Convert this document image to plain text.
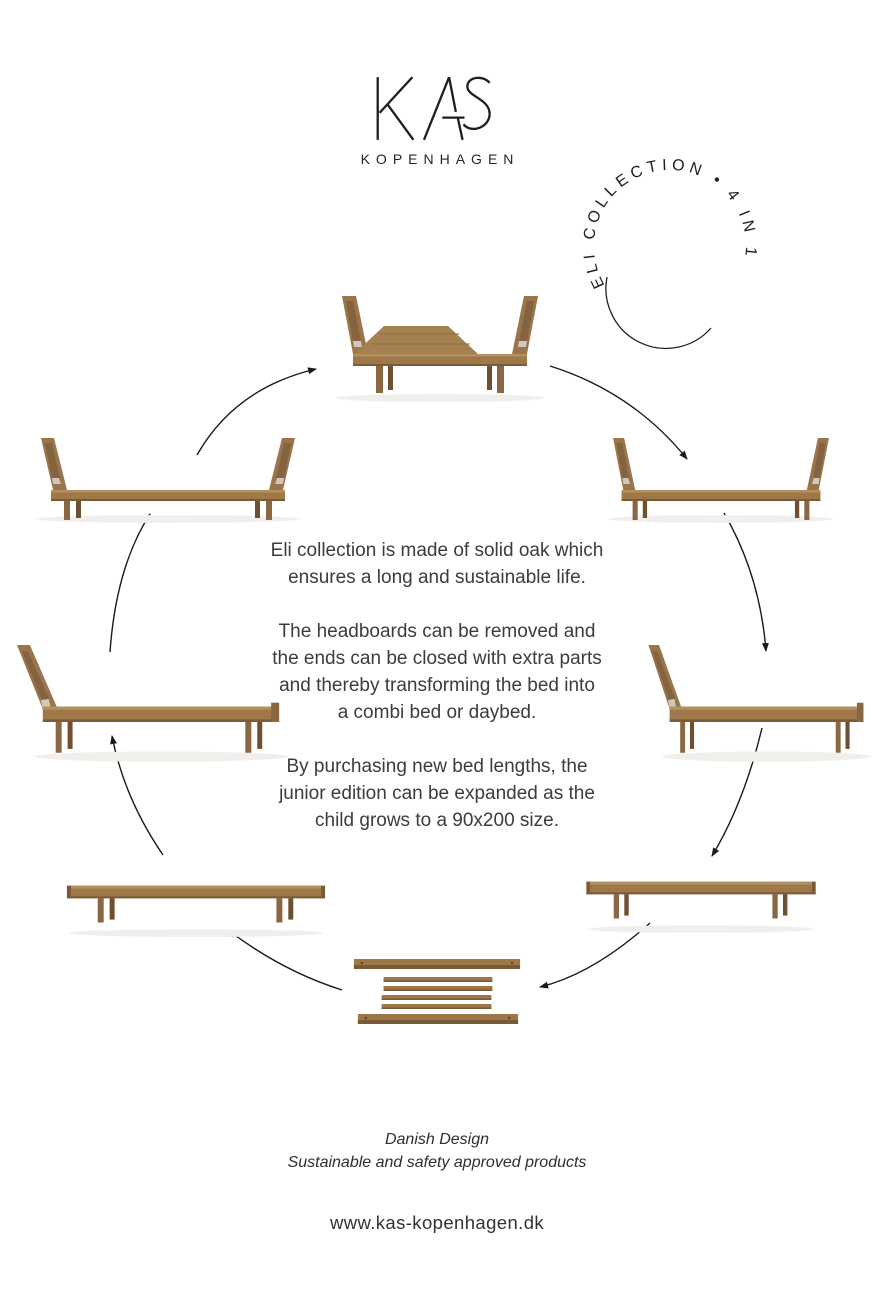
KOPENHAGEN
ELI COLLECTION • 4 IN 1

Eli collection is made of solid oak which
ensures a long and sustainable life.

The headboards can be removed and
the ends can be closed with extra parts
and thereby transforming the bed into
a combi bed or daybed.

By purchasing new bed lengths, the
junior edition can be expanded as the
child grows to a 90x200 size.

Danish Design
Sustainable and safety approved products
www.kas-kopenhagen.dk
